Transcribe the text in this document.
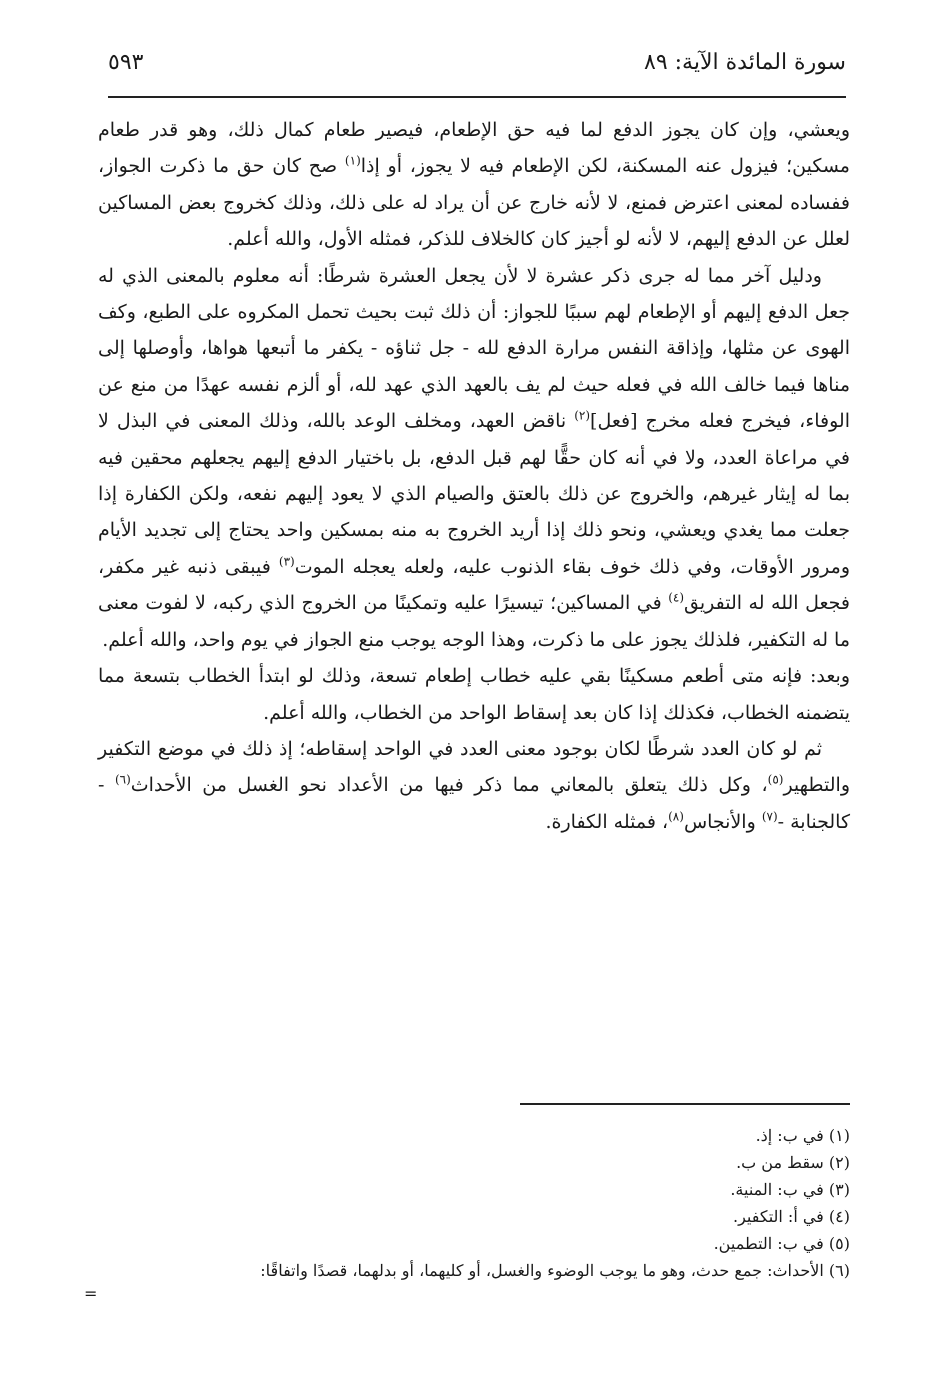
٥٩٣	سورة المائدة الآية: ٨٩

ويعشي، وإن كان يجوز الدفع لما فيه حق الإطعام، فيصير طعام كمال ذلك، وهو قدر طعام مسكين؛ فيزول عنه المسكنة، لكن الإطعام فيه لا يجوز، أو إذا$^{(١)}$ صح كان حق ما ذكرت الجواز، ففساده لمعنى اعترض فمنع، لا لأنه خارج عن أن يراد له على ذلك، وذلك كخروج بعض المساكين لعلل عن الدفع إليهم، لا لأنه لو أجيز كان كالخلاف للذكر، فمثله الأول، والله أعلم.

ودليل آخر مما له جرى ذكر عشرة لا لأن يجعل العشرة شرطًا: أنه معلوم بالمعنى الذي له جعل الدفع إليهم أو الإطعام لهم سببًا للجواز: أن ذلك ثبت بحيث تحمل المكروه على الطبع، وكف الهوى عن مثلها، وإذاقة النفس مرارة الدفع لله - جل ثناؤه - يكفر ما أتبعها هواها، وأوصلها إلى مناها فيما خالف الله في فعله حيث لم يف بالعهد الذي عهد لله، أو ألزم نفسه عهدًا من منع عن الوفاء، فيخرج فعله مخرج [فعل]$^{(٢)}$ ناقض العهد، ومخلف الوعد بالله، وذلك المعنى في البذل لا في مراعاة العدد، ولا في أنه كان حقًّا لهم قبل الدفع، بل باختيار الدفع إليهم يجعلهم محقين فيه بما له إيثار غيرهم، والخروج عن ذلك بالعتق والصيام الذي لا يعود إليهم نفعه، ولكن الكفارة إذا جعلت مما يغدي ويعشي، ونحو ذلك إذا أريد الخروج به منه بمسكين واحد يحتاج إلى تجديد الأيام ومرور الأوقات، وفي ذلك خوف بقاء الذنوب عليه، ولعله يعجله الموت$^{(٣)}$ فيبقى ذنبه غير مكفر، فجعل الله له التفريق$^{(٤)}$ في المساكين؛ تيسيرًا عليه وتمكينًا من الخروج الذي ركبه، لا لفوت معنى ما له التكفير، فلذلك يجوز على ما ذكرت، وهذا الوجه يوجب منع الجواز في يوم واحد، والله أعلم.

وبعد: فإنه متى أطعم مسكينًا بقي عليه خطاب إطعام تسعة، وذلك لو ابتدأ الخطاب بتسعة مما يتضمنه الخطاب، فكذلك إذا كان بعد إسقاط الواحد من الخطاب، والله أعلم.

ثم لو كان العدد شرطًا لكان بوجود معنى العدد في الواحد إسقاطه؛ إذ ذلك في موضع التكفير والتطهير$^{(٥)}$، وكل ذلك يتعلق بالمعاني مما ذكر فيها من الأعداد نحو الغسل من الأحداث$^{(٦)}$ - كالجنابة -$^{(٧)}$ والأنجاس$^{(٨)}$، فمثله الكفارة.

(١) في ب: إذ.

(٢) سقط من ب.

(٣) في ب: المنية.

(٤) في أ: التكفير.

(٥) في ب: التطمين.

(٦) الأحداث: جمع حدث، وهو ما يوجب الوضوء والغسل، أو كليهما، أو بدلهما، قصدًا واتفاقًا:

=
